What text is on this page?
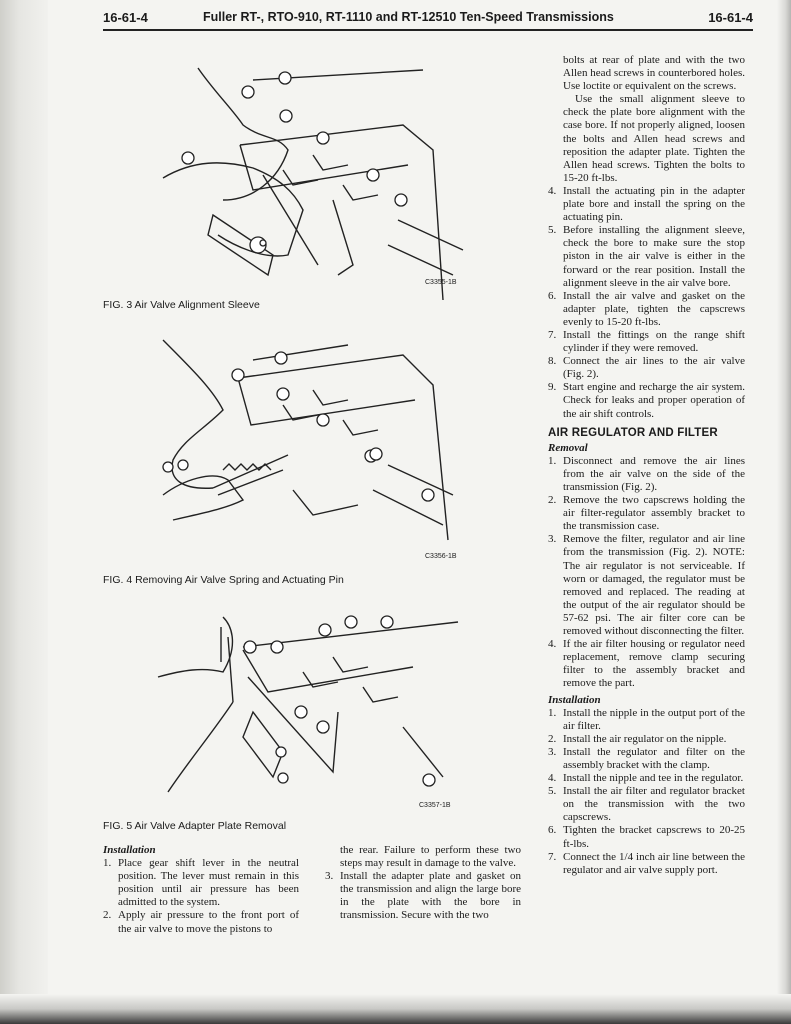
16-61-4	Fuller RT-, RTO-910, RT-1110 and RT-12510 Ten-Speed Transmissions	16-61-4
C3355-1B
FIG. 3 Air Valve Alignment Sleeve
C3356-1B
FIG. 4 Removing Air Valve Spring and Actuating Pin
C3357-1B
FIG. 5 Air Valve Adapter Plate Removal

Installation

1. Place gear shift lever in the neutral position. The lever must remain in this position until air pressure has been admitted to the system.
2. Apply air pressure to the front port of the air valve to move the pistons to

the rear. Failure to perform these two steps may result in damage to the valve.

3. Install the adapter plate and gasket on the transmission and align the large bore in the plate with the bore in transmission. Secure with the two

bolts at rear of plate and with the two Allen head screws in counterbored holes. Use loctite or equivalent on the screws.

Use the small alignment sleeve to check the plate bore alignment with the case bore. If not properly aligned, loosen the bolts and Allen head screws and reposition the adapter plate. Tighten the Allen head screws. Tighten the bolts to 15-20 ft-lbs.

4. Install the actuating pin in the adapter plate bore and install the spring on the actuating pin.
5. Before installing the alignment sleeve, check the bore to make sure the stop piston in the air valve is either in the forward or the rear position. Install the alignment sleeve in the air valve bore.
6. Install the air valve and gasket on the adapter plate, tighten the capscrews evenly to 15-20 ft-lbs.
7. Install the fittings on the range shift cylinder if they were removed.
8. Connect the air lines to the air valve (Fig. 2).
9. Start engine and recharge the air system. Check for leaks and proper operation of the air shift controls.
AIR REGULATOR AND FILTER

Removal

1. Disconnect and remove the air lines from the air valve on the side of the transmission (Fig. 2).
2. Remove the two capscrews holding the air filter-regulator assembly bracket to the transmission case.
3. Remove the filter, regulator and air line from the transmission (Fig. 2). NOTE: The air regulator is not serviceable. If worn or damaged, the regulator must be removed and replaced. The reading at the output of the air regulator should be 57-62 psi. The air filter core can be removed without disconnecting the filter.
4. If the air filter housing or regulator need replacement, remove clamp securing filter to the assembly bracket and remove the part.

Installation

1. Install the nipple in the output port of the air filter.
2. Install the air regulator on the nipple.
3. Install the regulator and filter on the assembly bracket with the clamp.
4. Install the nipple and tee in the regulator.
5. Install the air filter and regulator bracket on the transmission with the two capscrews.
6. Tighten the bracket capscrews to 20-25 ft-lbs.
7. Connect the 1/4 inch air line between the regulator and air valve supply port.
